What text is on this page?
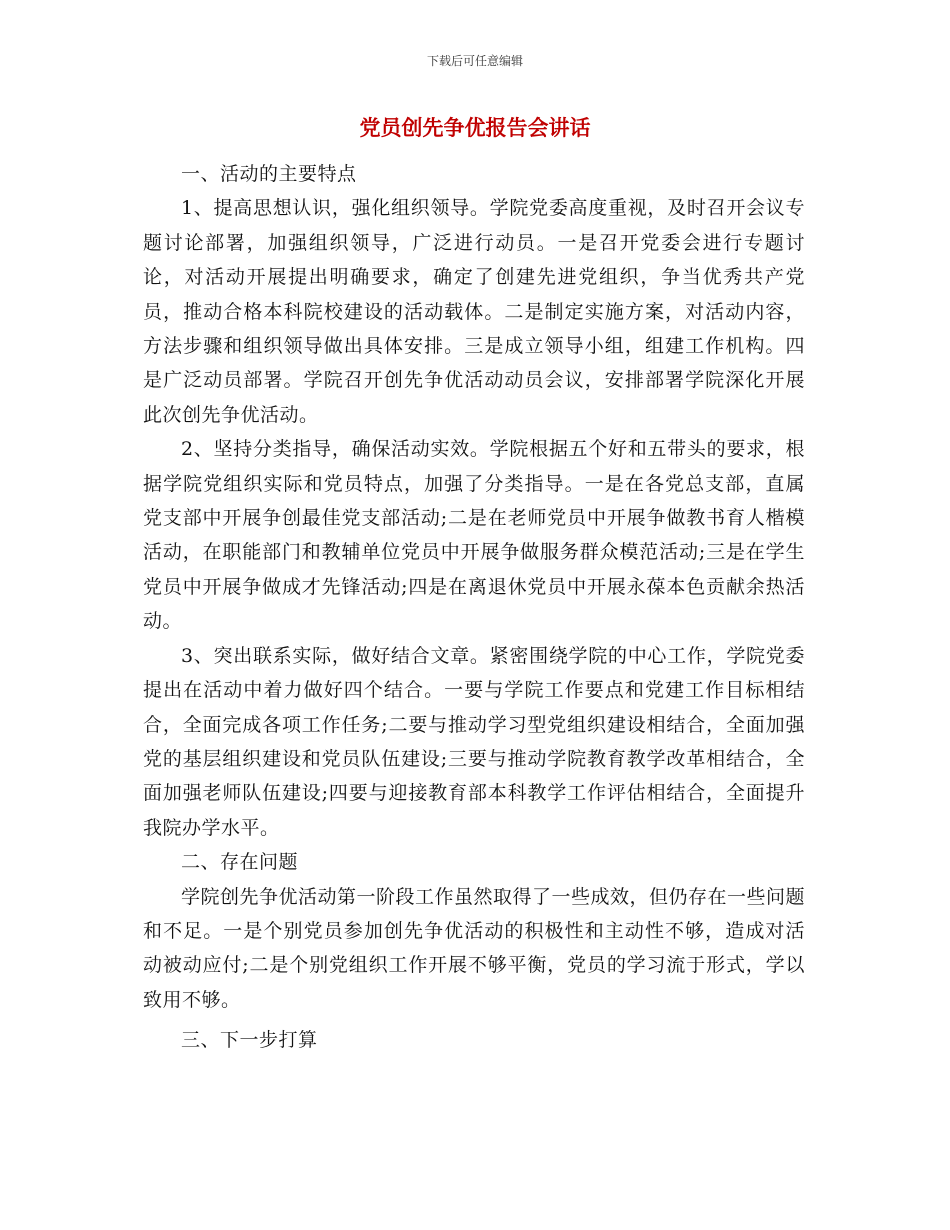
下载后可任意编辑
党员创先争优报告会讲话

一、活动的主要特点

1、提高思想认识，强化组织领导。学院党委高度重视，及时召开会议专题讨论部署，加强组织领导，广泛进行动员。一是召开党委会进行专题讨论，对活动开展提出明确要求，确定了创建先进党组织，争当优秀共产党员，推动合格本科院校建设的活动载体。二是制定实施方案，对活动内容，方法步骤和组织领导做出具体安排。三是成立领导小组，组建工作机构。四是广泛动员部署。学院召开创先争优活动动员会议，安排部署学院深化开展此次创先争优活动。

2、坚持分类指导，确保活动实效。学院根据五个好和五带头的要求，根据学院党组织实际和党员特点，加强了分类指导。一是在各党总支部，直属党支部中开展争创最佳党支部活动;二是在老师党员中开展争做教书育人楷模活动，在职能部门和教辅单位党员中开展争做服务群众模范活动;三是在学生党员中开展争做成才先锋活动;四是在离退休党员中开展永葆本色贡献余热活动。

3、突出联系实际，做好结合文章。紧密围绕学院的中心工作，学院党委提出在活动中着力做好四个结合。一要与学院工作要点和党建工作目标相结合，全面完成各项工作任务;二要与推动学习型党组织建设相结合，全面加强党的基层组织建设和党员队伍建设;三要与推动学院教育教学改革相结合，全面加强老师队伍建设;四要与迎接教育部本科教学工作评估相结合，全面提升我院办学水平。

二、存在问题

学院创先争优活动第一阶段工作虽然取得了一些成效，但仍存在一些问题和不足。一是个别党员参加创先争优活动的积极性和主动性不够，造成对活动被动应付;二是个别党组织工作开展不够平衡，党员的学习流于形式，学以致用不够。

三、下一步打算
